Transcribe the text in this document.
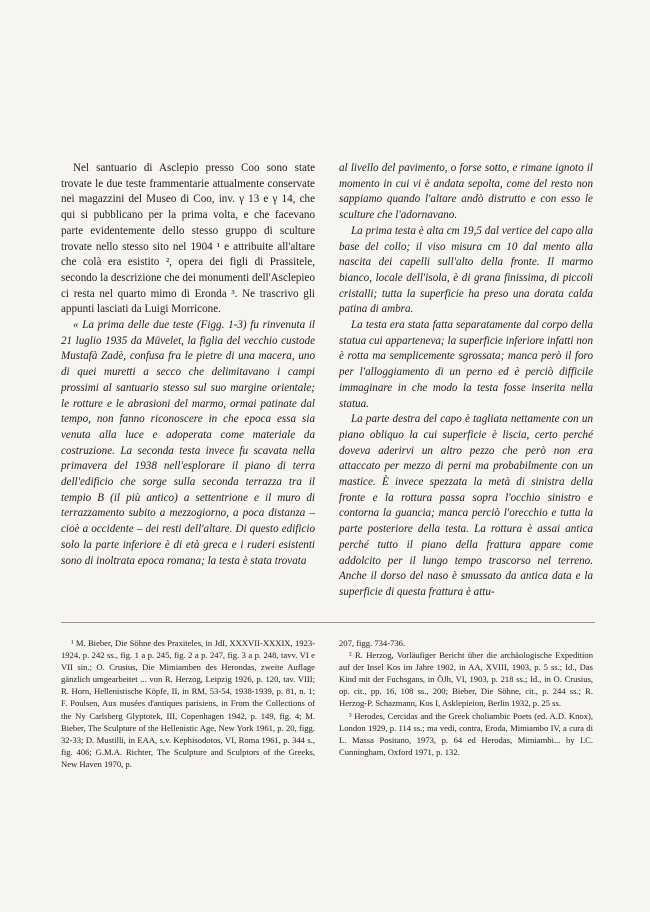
Nel santuario di Asclepio presso Coo sono state trovate le due teste frammentarie attualmente conservate nei magazzini del Museo di Coo, inv. γ 13 e γ 14, che qui si pubblicano per la prima volta, e che facevano parte evidentemente dello stesso gruppo di sculture trovate nello stesso sito nel 1904 ¹ e attribuite all'altare che colà era esistito ², opera dei figli di Prassitele, secondo la descrizione che dei monumenti dell'Asclepieo ci resta nel quarto mimo di Eronda ³. Ne trascrivo gli appunti lasciati da Luigi Morricone.

« La prima delle due teste (Figg. 1-3) fu rinvenuta il 21 luglio 1935 da Müvelet, la figlia del vecchio custode Mustafà Zadè, confusa fra le pietre di una macera, uno di quei muretti a secco che delimitavano i campi prossimi al santuario stesso sul suo margine orientale; le rotture e le abrasioni del marmo, ormai patinate dal tempo, non fanno riconoscere in che epoca essa sia venuta alla luce e adoperata come materiale da costruzione. La seconda testa invece fu scavata nella primavera del 1938 nell'esplorare il piano di terra dell'edificio che sorge sulla seconda terrazza tra il tempio B (il più antico) a settentrione e il muro di terrazzamento subito a mezzogiorno, a poca distanza – cioè a occidente – dei resti dell'altare. Di questo edificio solo la parte inferiore è di età greca e i ruderi esistenti sono di inoltrata epoca romana; la testa è stata trovata

al livello del pavimento, o forse sotto, e rimane ignoto il momento in cui vi è andata sepolta, come del resto non sappiamo quando l'altare andò distrutto e con esso le sculture che l'adornavano.

La prima testa è alta cm 19,5 dal vertice del capo alla base del collo; il viso misura cm 10 dal mento alla nascita dei capelli sull'alto della fronte. Il marmo bianco, locale dell'isola, è di grana finissima, di piccoli cristalli; tutta la superficie ha preso una dorata calda patina di ambra.

La testa era stata fatta separatamente dal corpo della statua cui apparteneva; la superficie inferiore infatti non è rotta ma semplicemente sgrossata; manca però il foro per l'alloggiamento di un perno ed è perciò difficile immaginare in che modo la testa fosse inserita nella statua.

La parte destra del capo è tagliata nettamente con un piano obliquo la cui superficie è liscia, certo perché doveva aderirvi un altro pezzo che però non era attaccato per mezzo di perni ma probabilmente con un mastice. È invece spezzata la metà di sinistra della fronte e la rottura passa sopra l'occhio sinistro e contorna la guancia; manca perciò l'orecchio e tutta la parte posteriore della testa. La rottura è assai antica perché tutto il piano della frattura appare come addolcito per il lungo tempo trascorso nel terreno. Anche il dorso del naso è smussato da antica data e la superficie di questa frattura è attu-

¹ M. Bieber, Die Söhne des Praxiteles, in JdI, XXXVII-XXXIX, 1923-1924, p. 242 ss., fig. 1 a p. 245, fig. 2 a p. 247, fig. 3 a p. 248, tavv. VI e VII sin.; O. Crusius, Die Mimiamben des Herondas, zweite Auflage gänzlich umgearbeitet ... von R. Herzog, Leipzig 1926, p. 120, tav. VIII; R. Horn, Hellenistische Köpfe, II, in RM, 53-54, 1938-1939, p. 81, n. 1; F. Poulsen, Aux musées d'antiques parisiens, in From the Collections of the Ny Carlsberg Glyptotek, III, Copenhagen 1942, p. 149, fig. 4; M. Bieber, The Sculpture of the Hellenistic Age, New York 1961, p. 20, figg. 32-33; D. Mustilli, in EAA, s.v. Kephisodotos, VI, Roma 1961, p. 344 s., fig. 406; G.M.A. Richter, The Sculpture and Sculptors of the Greeks, New Haven 1970, p.

207, figg. 734-736.

² R. Herzog, Vorläufiger Bericht über die archäologische Expedition auf der Insel Kos im Jahre 1902, in AA, XVIII, 1903, p. 5 ss.; Id., Das Kind mit der Fuchsgans, in ÖJh, VI, 1903, p. 218 ss.; Id., in O. Crusius, op. cit., pp. 16, 108 ss., 200; Bieber, Die Söhne, cit., p. 244 ss.; R. Herzog-P. Schazmann, Kos I, Asklepieion, Berlin 1932, p. 25 ss.

³ Herodes, Cercidas and the Greek choliambic Poets (ed. A.D. Knox), London 1929, p. 114 ss.; ma vedi, contra, Eroda, Mimiambo IV, a cura di L. Massa Positano, 1973, p. 64 ed Herodas, Mimiambi... by I.C. Cunningham, Oxford 1971, p. 132.
